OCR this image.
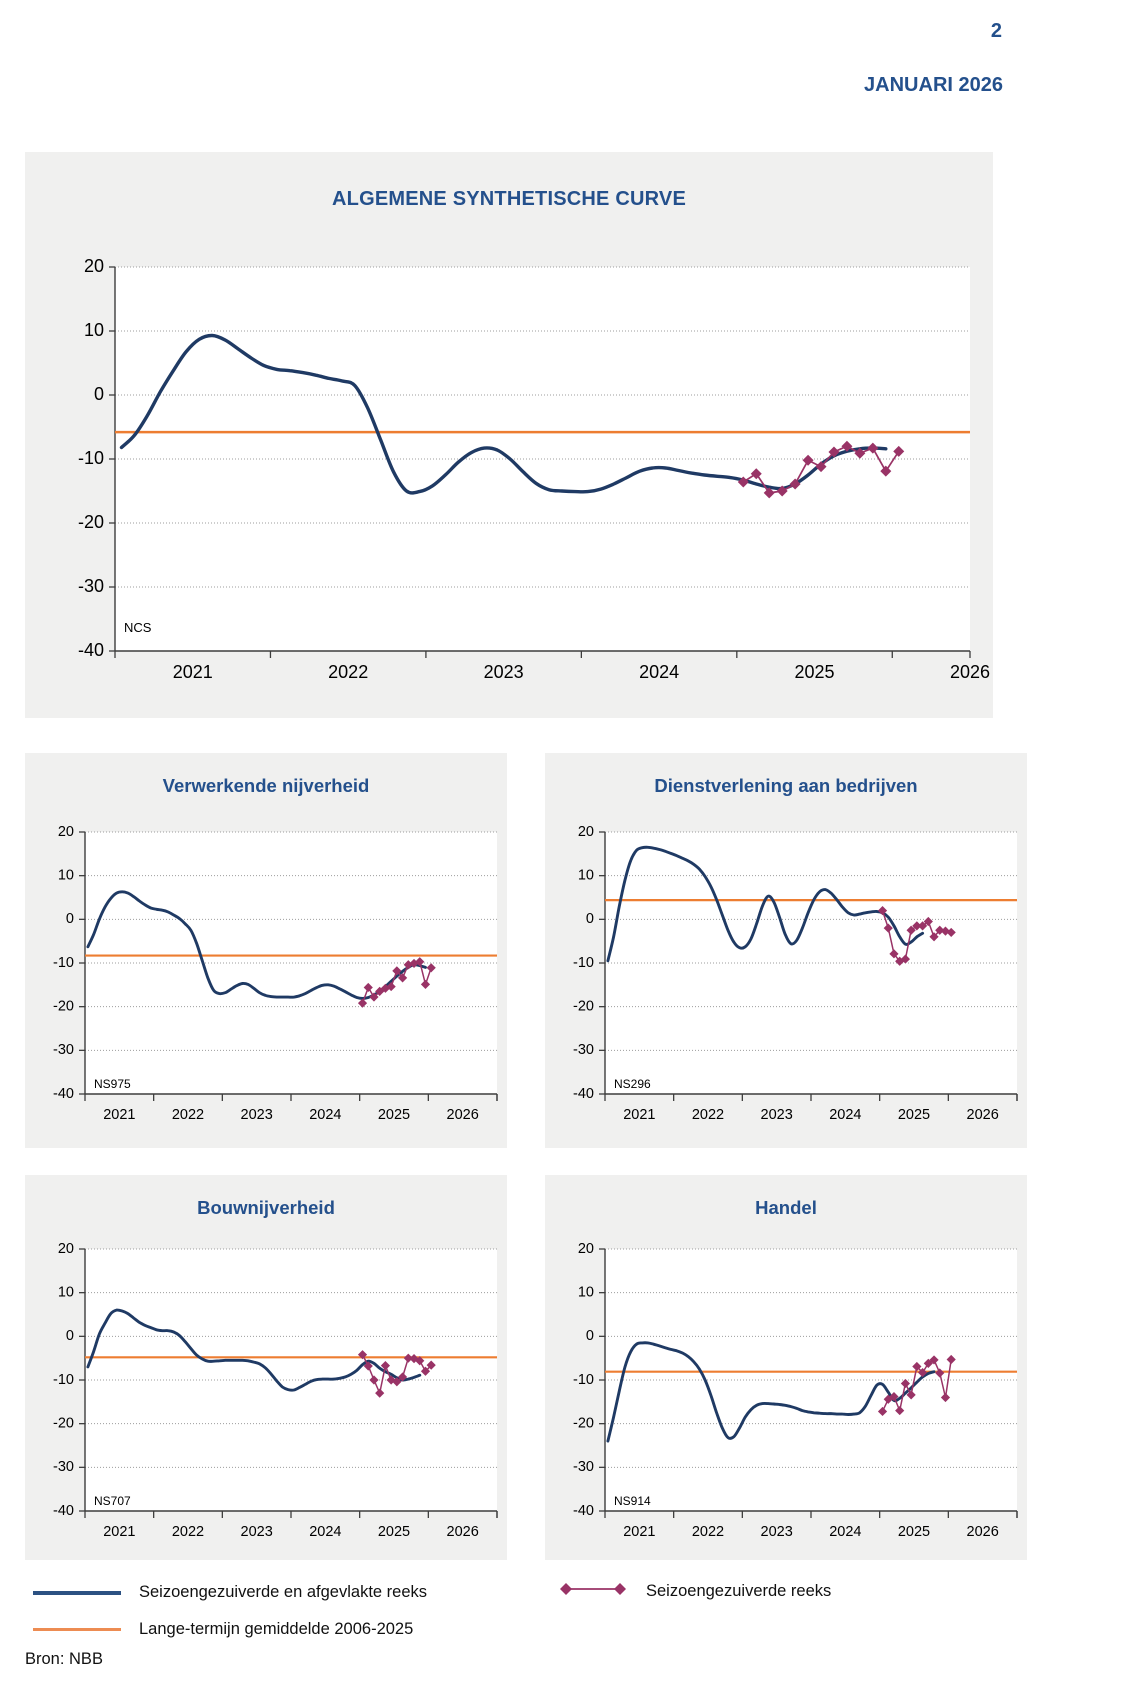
2
JANUARI 2026
ALGEMENE SYNTHETISCHE CURVE
20
10
0
-10
-20
-30
-40
2021	2022	2023	2024	2025	2026
NCS
Verwerkende nijverheid
20
10
0
-10
-20
-30
-40
2021	2022	2023	2024	2025	2026
NS975
Dienstverlening aan bedrijven
20
10
0
-10
-20
-30
-40
2021	2022	2023	2024	2025	2026
NS296
Bouwnijverheid
20
10
0
-10
-20
-30
-40
2021	2022	2023	2024	2025	2026
NS707
Handel
20
10
0
-10
-20
-30
-40
2021	2022	2023	2024	2025	2026
NS914
Seizoengezuiverde en afgevlakte reeks
Lange-termijn gemiddelde 2006-2025
Seizoengezuiverde reeks
Bron: NBB
